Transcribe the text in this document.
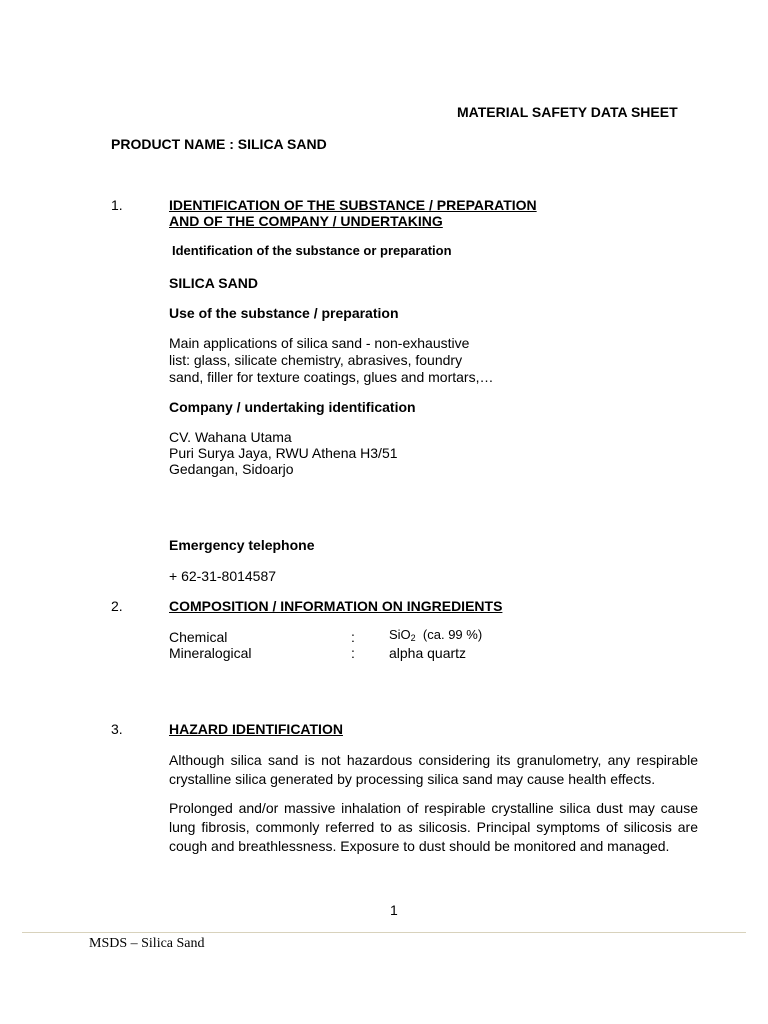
MATERIAL SAFETY DATA SHEET
PRODUCT NAME : SILICA SAND
1.	IDENTIFICATION OF THE SUBSTANCE / PREPARATION
AND OF THE COMPANY / UNDERTAKING
Identification of the substance or preparation
SILICA SAND
Use of the substance / preparation
Main applications of silica sand - non-exhaustive
list: glass, silicate chemistry, abrasives, foundry
sand, filler for texture coatings, glues and mortars,…
Company / undertaking identification
CV. Wahana Utama
Puri Surya Jaya, RWU Athena H3/51
Gedangan, Sidoarjo
Emergency telephone
+ 62-31-8014587
2.	COMPOSITION / INFORMATION ON INGREDIENTS
Chemical	:	SiO2  (ca. 99 %)
Mineralogical	: alpha quartz
3.	HAZARD IDENTIFICATION
Although silica sand is not hazardous considering its granulometry, any respirable
crystalline silica generated by processing silica sand may cause health effects.
Prolonged and/or massive inhalation of respirable crystalline silica dust may cause
lung fibrosis, commonly referred to as silicosis. Principal symptoms of silicosis are
cough and breathlessness. Exposure to dust should be monitored and managed.
1
MSDS – Silica Sand
